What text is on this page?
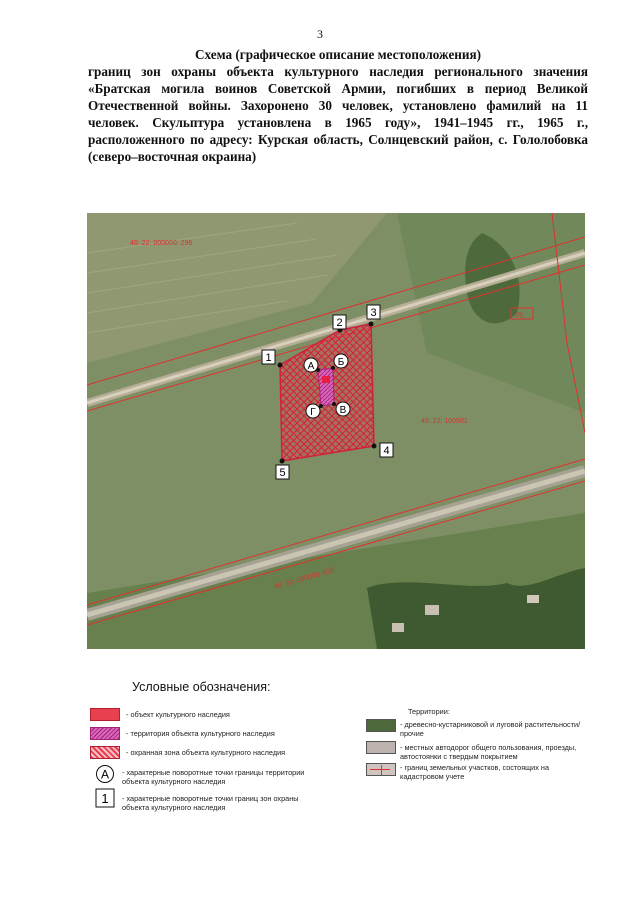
3
Схема (графическое описание местоположения)
границ зон охраны объекта культурного наследия регионального значения «Братская могила воинов Советской Армии, погибших в период Великой Отечественной войны. Захоронено 30 человек, установлено фамилий на 11 человек. Скульптура установлена в 1965 году», 1941–1945 гг., 1965 г., расположенного по адресу: Курская область, Солнцевский район, с. Гололобовка (северо–восточная окраина)
46: 22: 000000: 296
46: 22: 100501
46: 22: 000000: 530
29
1
2
3
4
5
А Б
В
Г
Условные обозначения:
- объект культурного наследия
- территория объекта культурного наследия
- охранная зона объекта культурного наследия
А - характерные поворотные точки границы территории объекта культурного наследия
1 - характерные поворотные точки границ зон охраны объекта культурного наследия
Территории:
- древесно-кустарниковой и луговой растительности/прочие
- местных автодорог общего пользования, проезды, автостоянки с твердым покрытием
- границ земельных участков, состоящих на кадастровом учете
